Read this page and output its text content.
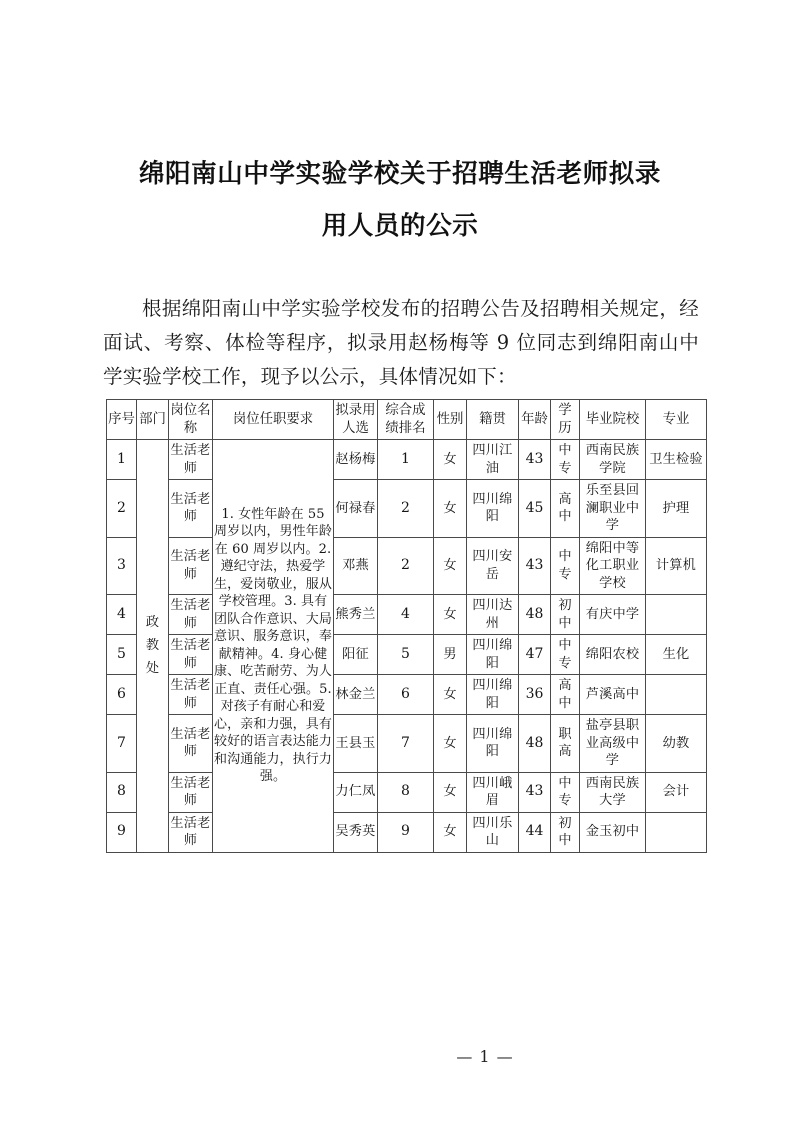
绵阳南山中学实验学校关于招聘生活老师拟录
用人员的公示

根据绵阳南山中学实验学校发布的招聘公告及招聘相关规定，经面试、考察、体检等程序，拟录用赵杨梅等 9 位同志到绵阳南山中学实验学校工作，现予以公示，具体情况如下：

序号	部门	岗位名称	岗位任职要求	拟录用人选	综合成绩排名	性别	籍贯	年龄	学历	毕业院校	专业
1	政教处	生活老师	1. 女性年龄在 55 周岁以内，男性年龄在 60 周岁以内。2. 遵纪守法，热爱学生，爱岗敬业，服从学校管理。3. 具有团队合作意识、大局意识、服务意识，奉献精神。4. 身心健康、吃苦耐劳、为人正直、责任心强。5. 对孩子有耐心和爱心，亲和力强，具有较好的语言表达能力和沟通能力，执行力强。	赵杨梅	1	女	四川江油	43	中专	西南民族学院	卫生检验
2		生活老师		何禄春	2	女	四川绵阳	45	高中	乐至县回澜职业中学	护理
3		生活老师		邓燕	2	女	四川安岳	43	中专	绵阳中等化工职业学校	计算机
4		生活老师		熊秀兰	4	女	四川达州	48	初中	有庆中学	
5		生活老师		阳征	5	男	四川绵阳	47	中专	绵阳农校	生化
6		生活老师		林金兰	6	女	四川绵阳	36	高中	芦溪高中	
7		生活老师		王县玉	7	女	四川绵阳	48	职高	盐亭县职业高级中学	幼教
8		生活老师		力仁凤	8	女	四川峨眉	43	中专	西南民族大学	会计
9		生活老师		吴秀英	9	女	四川乐山	44	初中	金玉初中	
— 1 —
